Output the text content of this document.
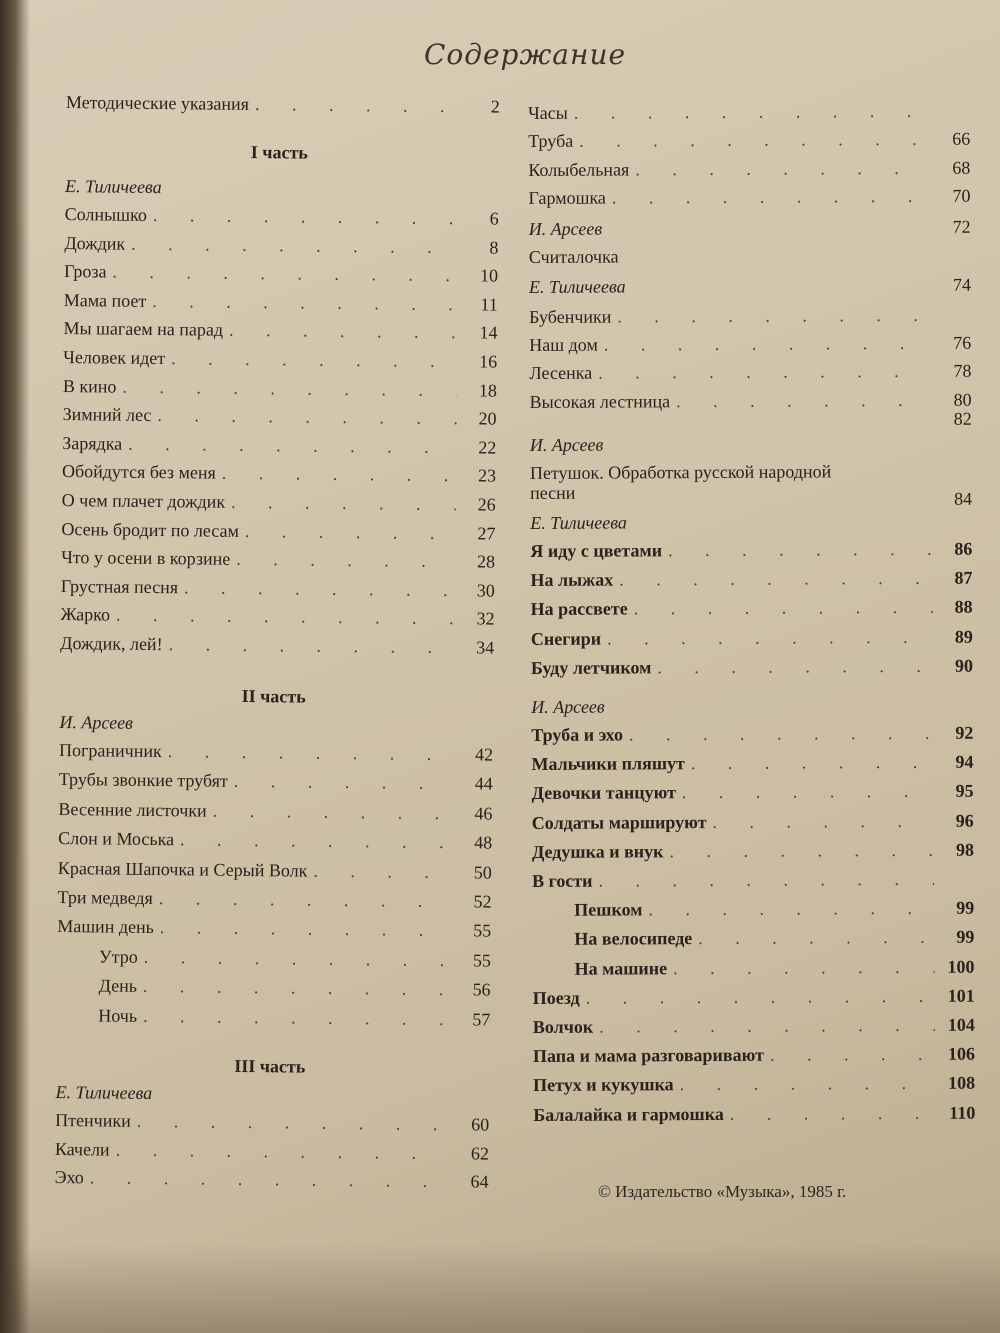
Содержание
Методические указания . .	2
I часть
Е. Тиличеева
Солнышко . .	6
Дождик . .	8
Гроза . .	10
Мама поет . .	11
Мы шагаем на парад . .	14
Человек идет . .	16
В кино . .	18
Зимний лес . .	20
Зарядка . .	22
Обойдутся без меня . .	23
О чем плачет дождик . .	26
Осень бродит по лесам . .	27
Что у осени в корзине . .	28
Грустная песня . .	30
Жарко . .	32
Дождик, лей! . .	34
II часть
И. Арсеев
Пограничник . .	42
Трубы звонкие трубят . .	44
Весенние листочки . .	46
Слон и Моська . .	48
Красная Шапочка и Серый Волк . .	50
Три медведя . .	52
Машин день . .	55
Утро . .	55
День . .	56
Ночь . .	57
III часть
Е. Тиличеева
Птенчики . .	60
Качели . .	62
Эхо . .	64
Часы
. .
Труба . .	66
Колыбельная . .	68
Гармошка . .	70
И. Арсеев	72
Считалочка
Е. Тиличеева	74
Бубенчики
. .
Наш дом . .	76
Лесенка . .	78
Высокая лестница . .	80
82
И. Арсеев
Петушок. Обработка русской народной
песни	84
Е. Тиличеева
Я иду с цветами . .	86
На лыжах . .	87
На рассвете . .	88
Снегири . .	89
Буду летчиком . .	90
И. Арсеев
Труба и эхо . .	92
Мальчики пляшут . .	94
Девочки танцуют . .	95
Солдаты маршируют . .	96
Дедушка и внук . .	98
В гости
. .
Пешком . .	99
На велосипеде . .	99
На машине . .	100
Поезд . .	101
Волчок . .	104
Папа и мама разговаривают . .	106
Петух и кукушка . .	108
Балалайка и гармошка . .	110
© Издательство «Музыка», 1985 г.
